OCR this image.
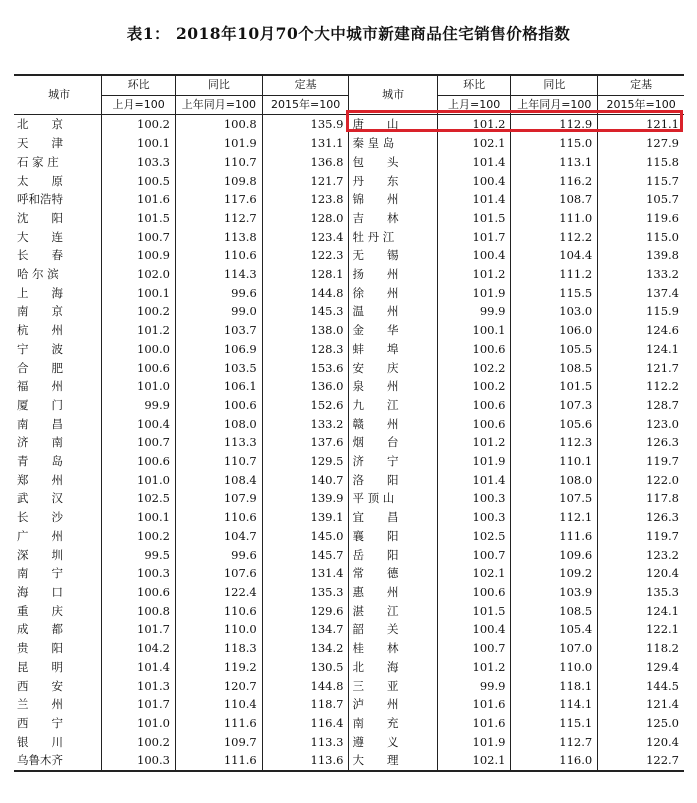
表1： 2018年10月70个大中城市新建商品住宅销售价格指数
城市	环比	同比	定基	城市	环比	同比	定基
	上月=100	上年同月=100	2015年=100		上月=100	上年同月=100	2015年=100
北　　京	100.2	100.8	135.9	唐　　山	101.2	112.9	121.1
天　　津	100.1	101.9	131.1	秦 皇 岛	102.1	115.0	127.9
石 家 庄	103.3	110.7	136.8	包　　头	101.4	113.1	115.8
太　　原	100.5	109.8	121.7	丹　　东	100.4	116.2	115.7
呼和浩特	101.6	117.6	123.8	锦　　州	101.4	108.7	105.7
沈　　阳	101.5	112.7	128.0	吉　　林	101.5	111.0	119.6
大　　连	100.7	113.8	123.4	牡 丹 江	101.7	112.2	115.0
长　　春	100.9	110.6	122.3	无　　锡	100.4	104.4	139.8
哈 尔 滨	102.0	114.3	128.1	扬　　州	101.2	111.2	133.2
上　　海	100.1	99.6	144.8	徐　　州	101.9	115.5	137.4
南　　京	100.2	99.0	145.3	温　　州	99.9	103.0	115.9
杭　　州	101.2	103.7	138.0	金　　华	100.1	106.0	124.6
宁　　波	100.0	106.9	128.3	蚌　　埠	100.6	105.5	124.1
合　　肥	100.6	103.5	153.6	安　　庆	102.2	108.5	121.7
福　　州	101.0	106.1	136.0	泉　　州	100.2	101.5	112.2
厦　　门	99.9	100.6	152.6	九　　江	100.6	107.3	128.7
南　　昌	100.4	108.0	133.2	赣　　州	100.6	105.6	123.0
济　　南	100.7	113.3	137.6	烟　　台	101.2	112.3	126.3
青　　岛	100.6	110.7	129.5	济　　宁	101.9	110.1	119.7
郑　　州	101.0	108.4	140.7	洛　　阳	101.4	108.0	122.0
武　　汉	102.5	107.9	139.9	平 顶 山	100.3	107.5	117.8
长　　沙	100.1	110.6	139.1	宜　　昌	100.3	112.1	126.3
广　　州	100.2	104.7	145.0	襄　　阳	102.5	111.6	119.7
深　　圳	99.5	99.6	145.7	岳　　阳	100.7	109.6	123.2
南　　宁	100.3	107.6	131.4	常　　德	102.1	109.2	120.4
海　　口	100.6	122.4	135.3	惠　　州	100.6	103.9	135.3
重　　庆	100.8	110.6	129.6	湛　　江	101.5	108.5	124.1
成　　都	101.7	110.0	134.7	韶　　关	100.4	105.4	122.1
贵　　阳	104.2	118.3	134.2	桂　　林	100.7	107.0	118.2
昆　　明	101.4	119.2	130.5	北　　海	101.2	110.0	129.4
西　　安	101.3	120.7	144.8	三　　亚	99.9	118.1	144.5
兰　　州	101.7	110.4	118.7	泸　　州	101.6	114.1	121.4
西　　宁	101.0	111.6	116.4	南　　充	101.6	115.1	125.0
银　　川	100.2	109.7	113.3	遵　　义	101.9	112.7	120.4
乌鲁木齐	100.3	111.6	113.6	大　　理	102.1	116.0	122.7
